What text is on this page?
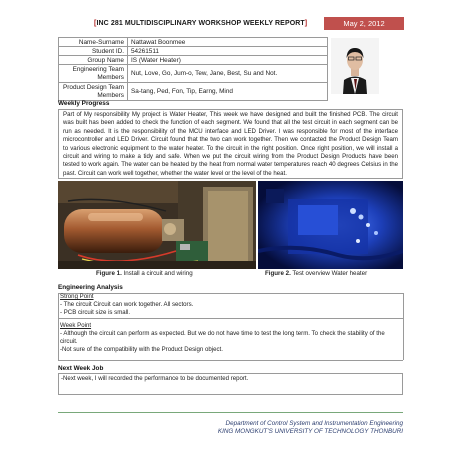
[INC 281 MULTIDISCIPLINARY WORKSHOP WEEKLY REPORT]	May 2, 2012
Name-Surname	Nattawat Boonmee
Student ID.	54261511
Group Name	IS (Water Heater)
Engineering Team Members	Nut, Love, Go, Jum-o, Tew, Jane, Best, Su and Not.
Product Design Team Members	Sa-tang, Ped, Fon, Tip, Earng, Mind
Weekly Progress
Part of My responsibility My project is Water Heater, This week we have designed and built the finished PCB. The circuit was built has been added to check the function of each segment. We found that all the test circuit in each segment can be run as needed. It is the responsibility of the MCU interface and LED Driver. I was responsible for most of the interface microcontroller and LED Driver. Circuit found that the two can work together. Then we contacted the Product Design Team to various electronic equipment to the water heater. To the circuit in the right position. Once right position, we will install a circuit and wiring to make a tidy and safe. When we put the circuit wiring from the Product Design Products have been tested to work again. The water can be heated by the heat from normal water temperatures reach 40 degrees Celsius in the past. Circuit can work well together, whether the water level or the level of the heat.
Figure 1. Install a circuit and wiring	Figure 2. Test overview Water heater
Engineering Analysis
Strong Point
- The circuit Circuit can work together. All sectors.
- PCB circuit size is small.
Week Point
- Although the circuit can perform as expected. But we do not have time to test the long term. To check the stability of the circuit.
-Not sure of the compatibility with the Product Design object.
Next Week Job
-Next week, I will recorded the performance to be documented report.
Department of Control System and Instrumentation Engineering
KING MONGKUT’S UNIVERSITY OF TECHNOLOGY THONBURI
